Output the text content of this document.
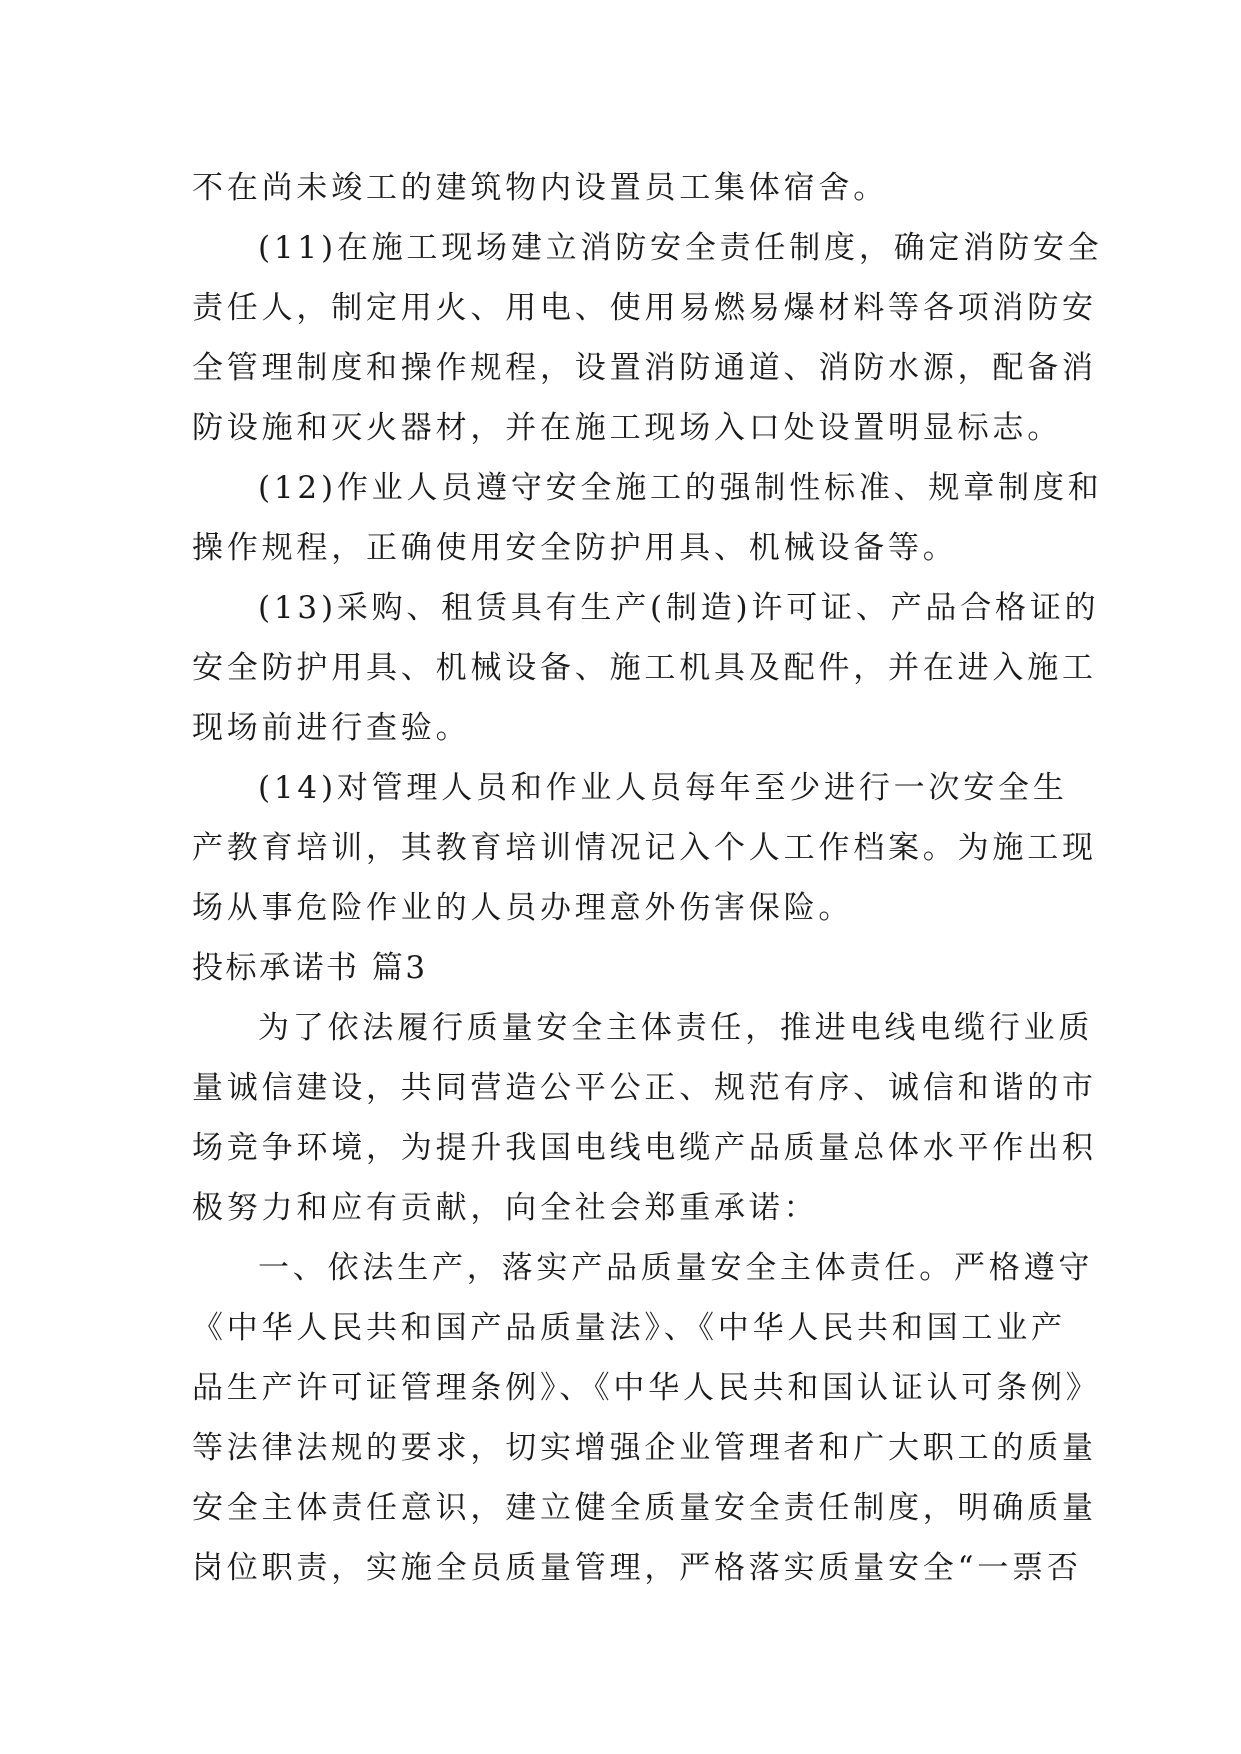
不在尚未竣工的建筑物内设置员工集体宿舍。
(11)在施工现场建立消防安全责任制度，确定消防安全
责任人，制定用火、用电、使用易燃易爆材料等各项消防安
全管理制度和操作规程，设置消防通道、消防水源，配备消
防设施和灭火器材，并在施工现场入口处设置明显标志。
(12)作业人员遵守安全施工的强制性标准、规章制度和
操作规程，正确使用安全防护用具、机械设备等。
(13)采购、租赁具有生产(制造)许可证、产品合格证的
安全防护用具、机械设备、施工机具及配件，并在进入施工
现场前进行查验。
(14)对管理人员和作业人员每年至少进行一次安全生
产教育培训，其教育培训情况记入个人工作档案。为施工现
场从事危险作业的人员办理意外伤害保险。
投标承诺书 篇3
为了依法履行质量安全主体责任，推进电线电缆行业质
量诚信建设，共同营造公平公正、规范有序、诚信和谐的市
场竞争环境，为提升我国电线电缆产品质量总体水平作出积
极努力和应有贡献，向全社会郑重承诺：
一、依法生产，落实产品质量安全主体责任。严格遵守
《中华人民共和国产品质量法》、《中华人民共和国工业产
品生产许可证管理条例》、《中华人民共和国认证认可条例》
等法律法规的要求，切实增强企业管理者和广大职工的质量
安全主体责任意识，建立健全质量安全责任制度，明确质量
岗位职责，实施全员质量管理，严格落实质量安全“一票否
